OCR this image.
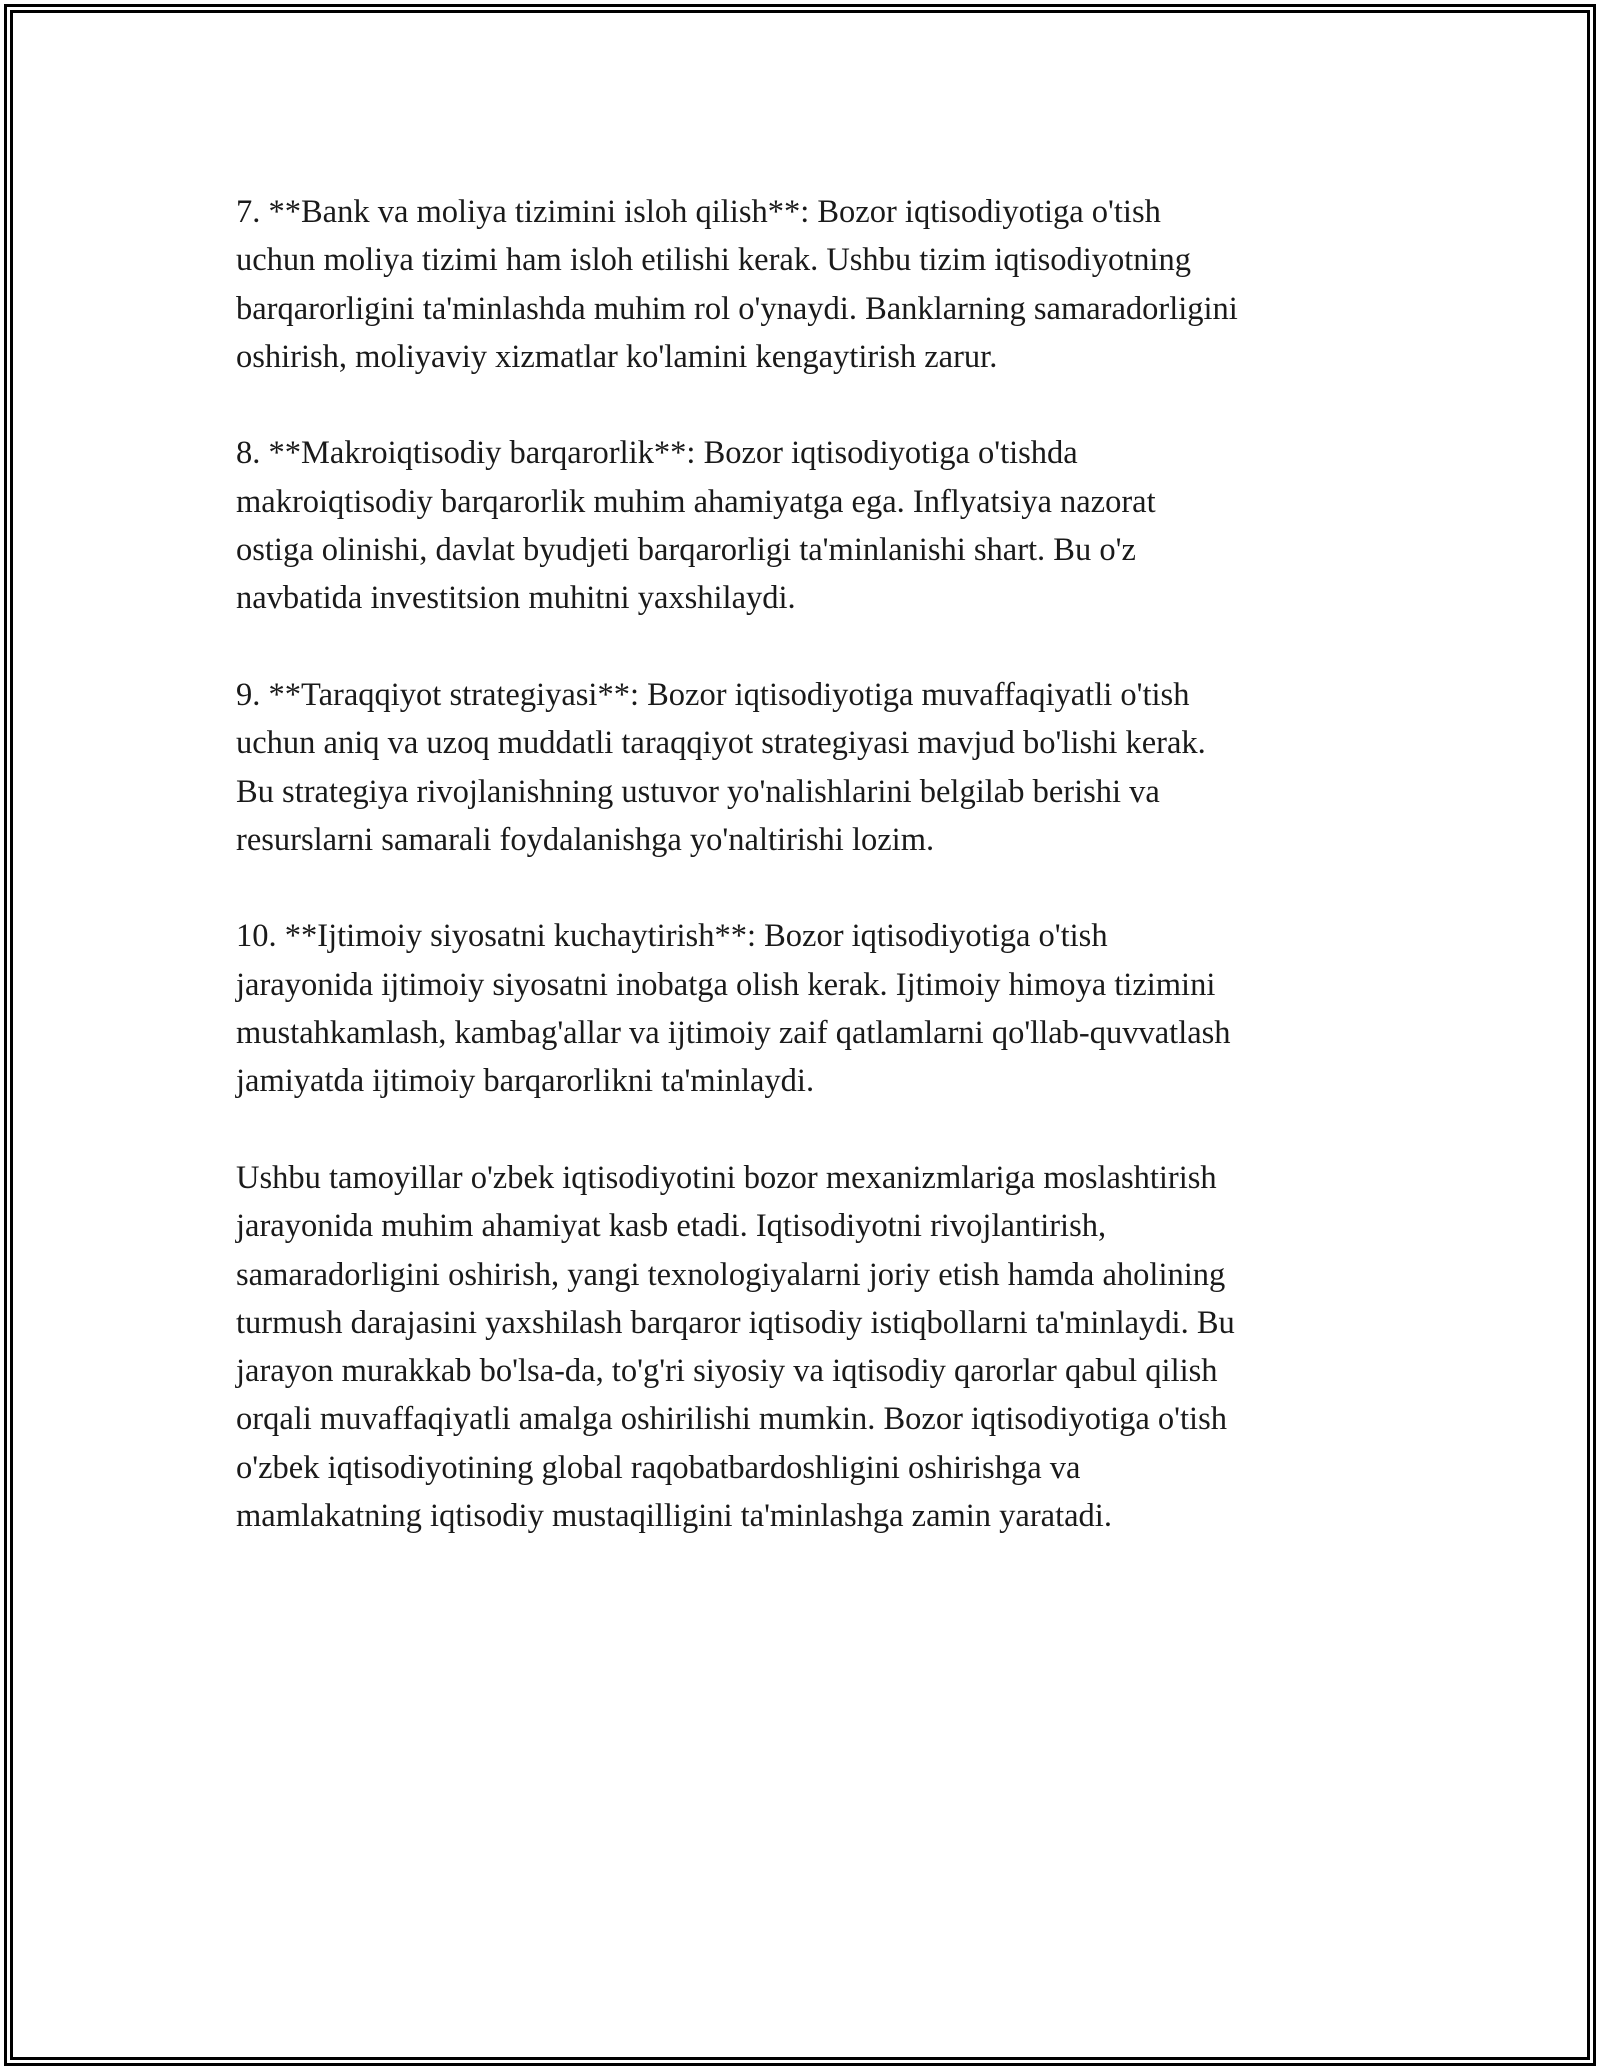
7. **Bank va moliya tizimini isloh qilish**: Bozor iqtisodiyotiga o'tish
uchun moliya tizimi ham isloh etilishi kerak. Ushbu tizim iqtisodiyotning
barqarorligini ta'minlashda muhim rol o'ynaydi. Banklarning samaradorligini
oshirish, moliyaviy xizmatlar ko'lamini kengaytirish zarur.

8. **Makroiqtisodiy barqarorlik**: Bozor iqtisodiyotiga o'tishda
makroiqtisodiy barqarorlik muhim ahamiyatga ega. Inflyatsiya nazorat
ostiga olinishi, davlat byudjeti barqarorligi ta'minlanishi shart. Bu o'z
navbatida investitsion muhitni yaxshilaydi.

9. **Taraqqiyot strategiyasi**: Bozor iqtisodiyotiga muvaffaqiyatli o'tish
uchun aniq va uzoq muddatli taraqqiyot strategiyasi mavjud bo'lishi kerak.
Bu strategiya rivojlanishning ustuvor yo'nalishlarini belgilab berishi va
resurslarni samarali foydalanishga yo'naltirishi lozim.

10. **Ijtimoiy siyosatni kuchaytirish**: Bozor iqtisodiyotiga o'tish
jarayonida ijtimoiy siyosatni inobatga olish kerak. Ijtimoiy himoya tizimini
mustahkamlash, kambag'allar va ijtimoiy zaif qatlamlarni qo'llab-quvvatlash
jamiyatda ijtimoiy barqarorlikni ta'minlaydi.

Ushbu tamoyillar o'zbek iqtisodiyotini bozor mexanizmlariga moslashtirish
jarayonida muhim ahamiyat kasb etadi. Iqtisodiyotni rivojlantirish,
samaradorligini oshirish, yangi texnologiyalarni joriy etish hamda aholining
turmush darajasini yaxshilash barqaror iqtisodiy istiqbollarni ta'minlaydi. Bu
jarayon murakkab bo'lsa-da, to'g'ri siyosiy va iqtisodiy qarorlar qabul qilish
orqali muvaffaqiyatli amalga oshirilishi mumkin. Bozor iqtisodiyotiga o'tish
o'zbek iqtisodiyotining global raqobatbardoshligini oshirishga va
mamlakatning iqtisodiy mustaqilligini ta'minlashga zamin yaratadi.
